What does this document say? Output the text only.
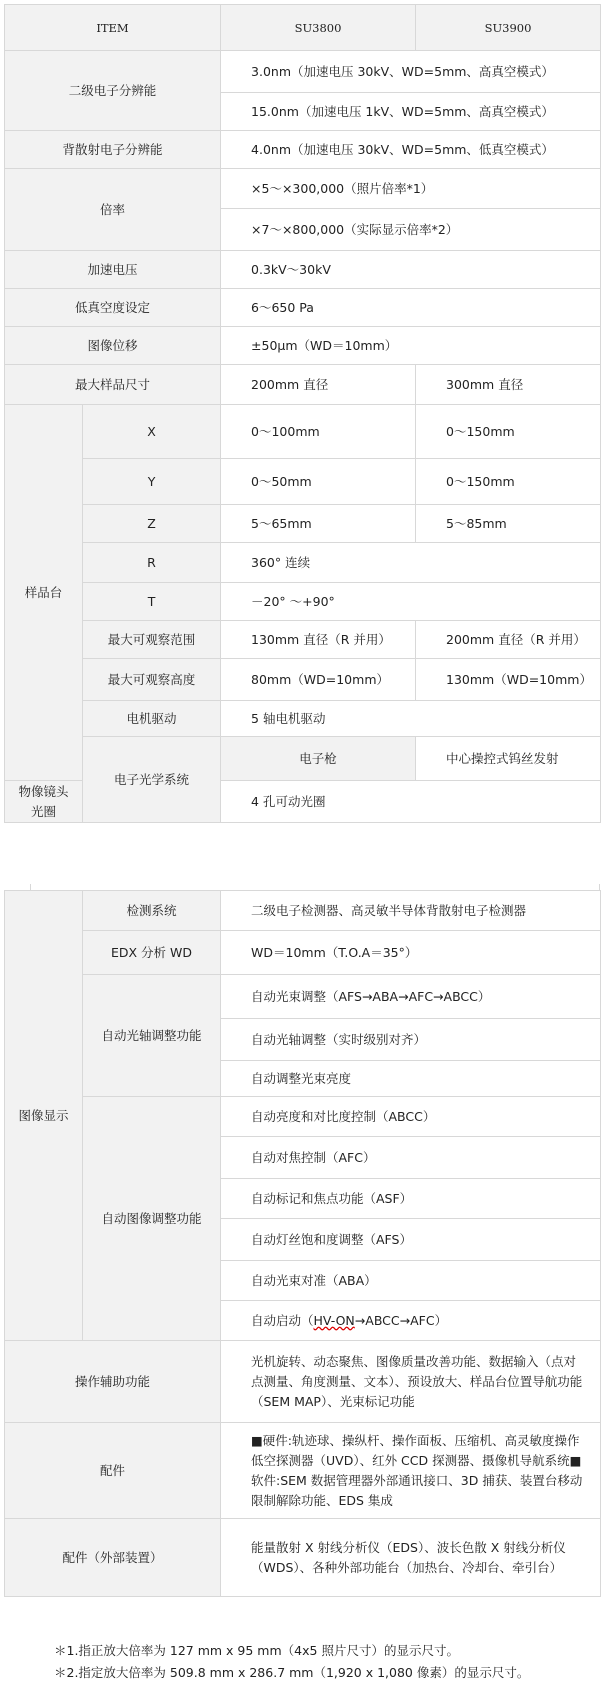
ITEM		SU3800	SU3900
二级电子分辨能		3.0nm（加速电压 30kV、WD=5mm、高真空模式）	
		15.0nm（加速电压 1kV、WD=5mm、高真空模式）	
背散射电子分辨能		4.0nm（加速电压 30kV、WD=5mm、低真空模式）	
倍率		×5～×300,000（照片倍率*1）	
		×7～×800,000（实际显示倍率*2）	
加速电压		0.3kV～30kV	
低真空度设定		6～650 Pa	
图像位移		±50μm（WD＝10mm）	
最大样品尺寸		200mm 直径	300mm 直径
样品台	X	0～100mm	0～150mm
	Y	0～50mm	0～150mm
	Z	5～65mm	5～85mm
	R	360° 连续	
	T	－20° ～+90°	
	最大可观察范围	130mm 直径（R 并用）	200mm 直径（R 并用）
	最大可观察高度	80mm（WD=10mm）	130mm（WD=10mm）
	电机驱动	5 轴电机驱动	
	电子光学系统	电子枪	中心操控式钨丝发射
物像镜头光圈		4 孔可动光圈	
图像显示	检测系统	二级电子检测器、高灵敏半导体背散射电子检测器
	EDX 分析 WD	WD＝10mm（T.O.A＝35°）
	自动光轴调整功能	自动光束调整（AFS→ABA→AFC→ABCC）
		自动光轴调整（实时级别对齐）
		自动调整光束亮度
	自动图像调整功能	自动亮度和对比度控制（ABCC）
		自动对焦控制（AFC）
		自动标记和焦点功能（ASF）
		自动灯丝饱和度调整（AFS）
		自动光束对准（ABA）
		自动启动（HV-ON→ABCC→AFC）
操作辅助功能		光机旋转、动态聚焦、图像质量改善功能、数据输入（点对点测量、角度测量、文本）、预设放大、样品台位置导航功能（SEM MAP）、光束标记功能
配件		■硬件:轨迹球、操纵杆、操作面板、压缩机、高灵敏度操作低空探测器（UVD）、红外 CCD 探测器、摄像机导航系统■软件:SEM 数据管理器外部通讯接口、3D 捕获、装置台移动限制解除功能、EDS 集成
配件（外部装置）		能量散射 X 射线分析仪（EDS）、波长色散 X 射线分析仪（WDS）、各种外部功能台（加热台、冷却台、牵引台）
＊1.指正放大倍率为 127 mm x 95 mm（4x5 照片尺寸）的显示尺寸。
＊2.指定放大倍率为 509.8 mm x 286.7 mm（1,920 x 1,080 像素）的显示尺寸。
